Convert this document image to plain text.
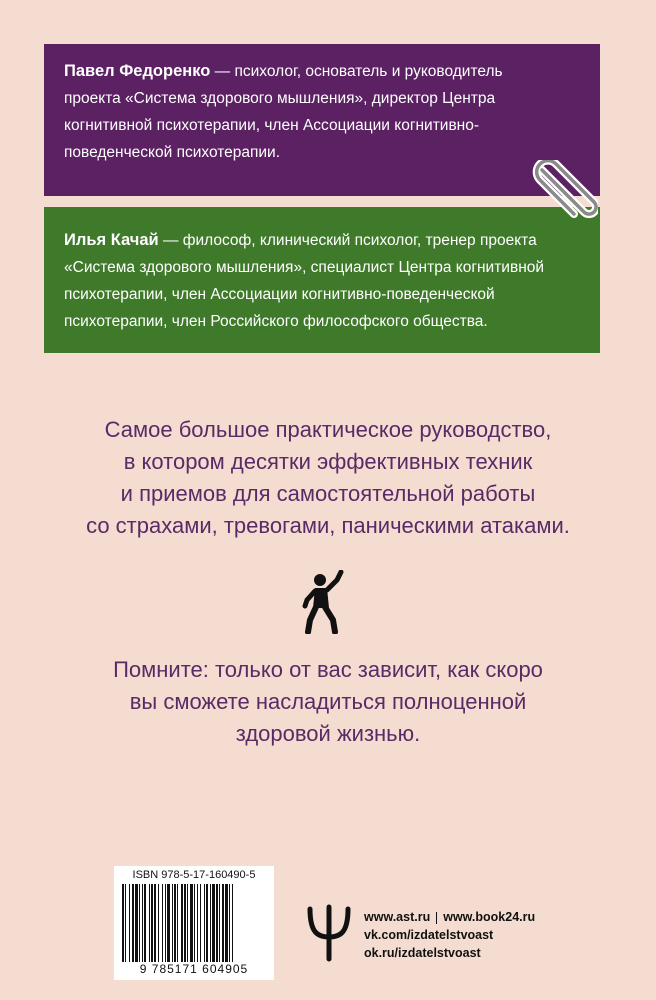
Павел Федоренко — психолог, основатель и руководитель
проекта «Система здорового мышления», директор Центра
когнитивной психотерапии, член Ассоциации когнитивно-
поведенческой психотерапии.
Илья Качай — философ, клинический психолог, тренер проекта
«Система здорового мышления», специалист Центра когнитивной
психотерапии, член Ассоциации когнитивно-поведенческой
психотерапии, член Российского философского общества.
Самое большое практическое руководство,
в котором десятки эффективных техник
и приемов для самостоятельной работы
со страхами, тревогами, паническими атаками.
Помните: только от вас зависит, как скоро
вы сможете насладиться полноценной
здоровой жизнью.
ISBN 978-5-17-160490-5
9 785171 604905
www.ast.ru www.book24.ru
vk.com/izdatelstvoast
ok.ru/izdatelstvoast
